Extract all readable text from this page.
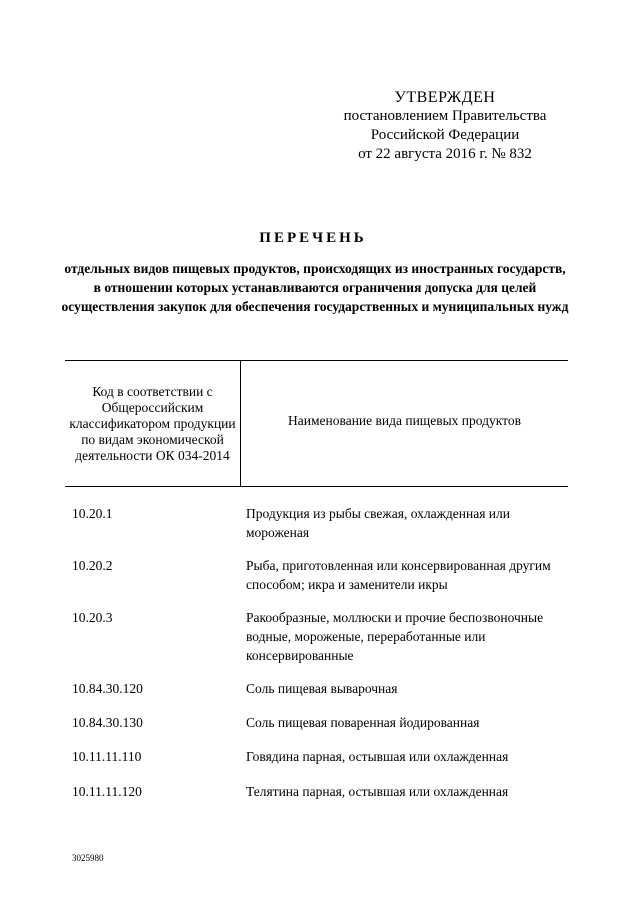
УТВЕРЖДЕН
постановлением Правительства
Российской Федерации
от 22 августа 2016 г. № 832
ПЕРЕЧЕНЬ
отдельных видов пищевых продуктов, происходящих из иностранных государств, в отношении которых устанавливаются ограничения допуска для целей осуществления закупок для обеспечения государственных и муниципальных нужд
Код в соответствии с Общероссийским классификатором продукции по видам экономической деятельности ОК 034-2014
Наименование вида пищевых продуктов
10.20.1	Продукция из рыбы свежая, охлажденная или мороженая
10.20.2	Рыба, приготовленная или консервированная другим способом; икра и заменители икры
10.20.3	Ракообразные, моллюски и прочие беспозвоночные водные, мороженые, переработанные или консервированные
10.84.30.120	Соль пищевая выварочная
10.84.30.130	Соль пищевая поваренная йодированная
10.11.11.110	Говядина парная, остывшая или охлажденная
10.11.11.120	Телятина парная, остывшая или охлажденная
3025980
